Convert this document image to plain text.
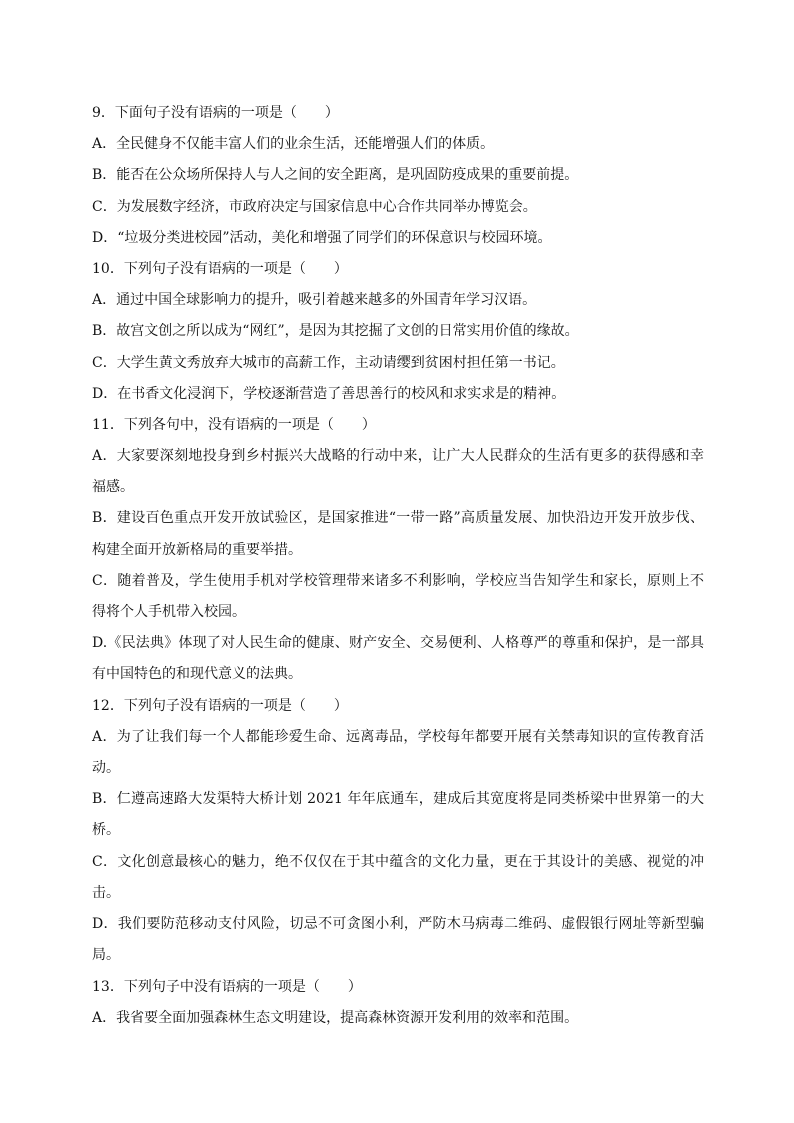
9．下面句子没有语病的一项是（　　）
A．全民健身不仅能丰富人们的业余生活，还能增强人们的体质。
B．能否在公众场所保持人与人之间的安全距离，是巩固防疫成果的重要前提。
C．为发展数字经济，市政府决定与国家信息中心合作共同举办博览会。
D．“垃圾分类进校园”活动，美化和增强了同学们的环保意识与校园环境。
10．下列句子没有语病的一项是（　　）
A．通过中国全球影响力的提升，吸引着越来越多的外国青年学习汉语。
B．故宫文创之所以成为“网红”，是因为其挖掘了文创的日常实用价值的缘故。
C．大学生黄文秀放弃大城市的高薪工作，主动请缨到贫困村担任第一书记。
D．在书香文化浸润下，学校逐渐营造了善思善行的校风和求实求是的精神。
11．下列各句中，没有语病的一项是（　　）
A．大家要深刻地投身到乡村振兴大战略的行动中来，让广大人民群众的生活有更多的获得感和幸福感。
B．建设百色重点开发开放试验区，是国家推进“一带一路”高质量发展、加快沿边开发开放步伐、构建全面开放新格局的重要举措。
C．随着普及，学生使用手机对学校管理带来诸多不利影响，学校应当告知学生和家长，原则上不得将个人手机带入校园。
D.《民法典》体现了对人民生命的健康、财产安全、交易便利、人格尊严的尊重和保护，是一部具有中国特色的和现代意义的法典。
12．下列句子没有语病的一项是（　　）
A．为了让我们每一个人都能珍爱生命、远离毒品，学校每年都要开展有关禁毒知识的宣传教育活动。
B．仁遵高速路大发渠特大桥计划 2021 年年底通车，建成后其宽度将是同类桥梁中世界第一的大桥。
C．文化创意最核心的魅力，绝不仅仅在于其中蕴含的文化力量，更在于其设计的美感、视觉的冲击。
D．我们要防范移动支付风险，切忌不可贪图小利，严防木马病毒二维码、虚假银行网址等新型骗局。
13．下列句子中没有语病的一项是（　　）
A．我省要全面加强森林生态文明建设，提高森林资源开发利用的效率和范围。
